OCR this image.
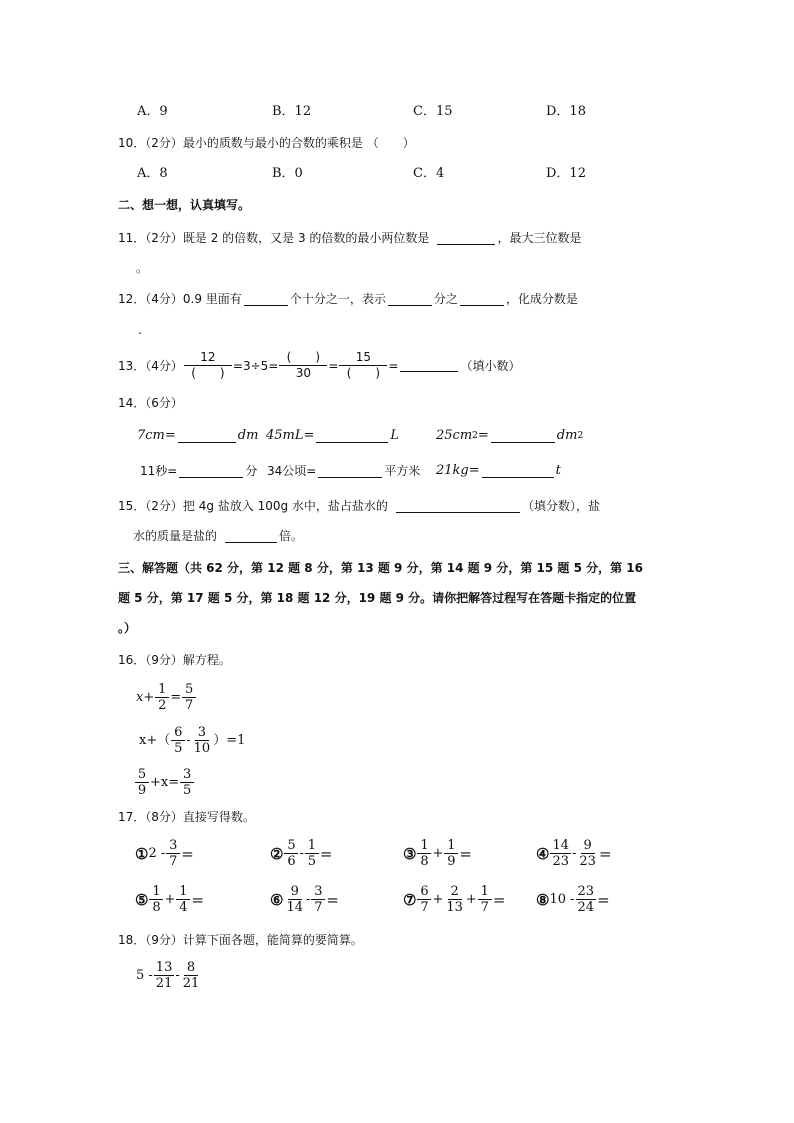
A．9	B．12	C．15	D．18
10．（2分）最小的质数与最小的合数的乘积是 （　　）
A．8	B．0	C．4	D．12
二、想一想，认真填写。
11．（2分）既是 2 的倍数，又是 3 的倍数的最小两位数是	，最大三位数是
。
12．（4分）0.9 里面有	个十分之一，表示	分之	，化成分数是
.
13．（4分） $\frac{12}{( )} =3\div 5= \frac{( )}{30} = \frac{15}{( )}$ =	（填小数）
14．（6分）
7cm=	dm 45mL=	L	25cm 2 =	dm 2
11秒=	分 34公顷=	平方米 21kg=	t
15．（2分）把 4g 盐放入 100g 水中，盐占盐水的	（填分数），盐
水的质量是盐的	倍。
三、解答题（共 62 分，第 12 题 8 分，第 13 题 9 分，第 14 题 9 分，第 15 题 5 分，第 16
题 5 分，第 17 题 5 分，第 18 题 12 分，19 题 9 分。请你把解答过程写在答题卡指定的位置
。）
16．（9分）解方程。
$x+ \frac{1}{2} = \frac{5}{7}$
$x+( \frac{6}{5} - \frac{3}{10} )=1$
$\frac{5}{9} +x= \frac{3}{5}$
17．（8分）直接写得数。
① $2 - \frac{3}{7}$ =	② $\frac{5}{6} - \frac{1}{5}$ =	③ $\frac{1}{8} + \frac{1}{9}$ =	④ $\frac{14}{23} - \frac{9}{23}$ =
⑤ $\frac{1}{8} + \frac{1}{4}$ =	⑥ $\frac{9}{14} - \frac{3}{7}$ =	⑦ $\frac{6}{7} + \frac{2}{13} + \frac{1}{7}$ = ⑧ $10 - \frac{23}{24}$ =
18．（9分）计算下面各题，能简算的要简算。
$5 - \frac{13}{21} - \frac{8}{21}$
